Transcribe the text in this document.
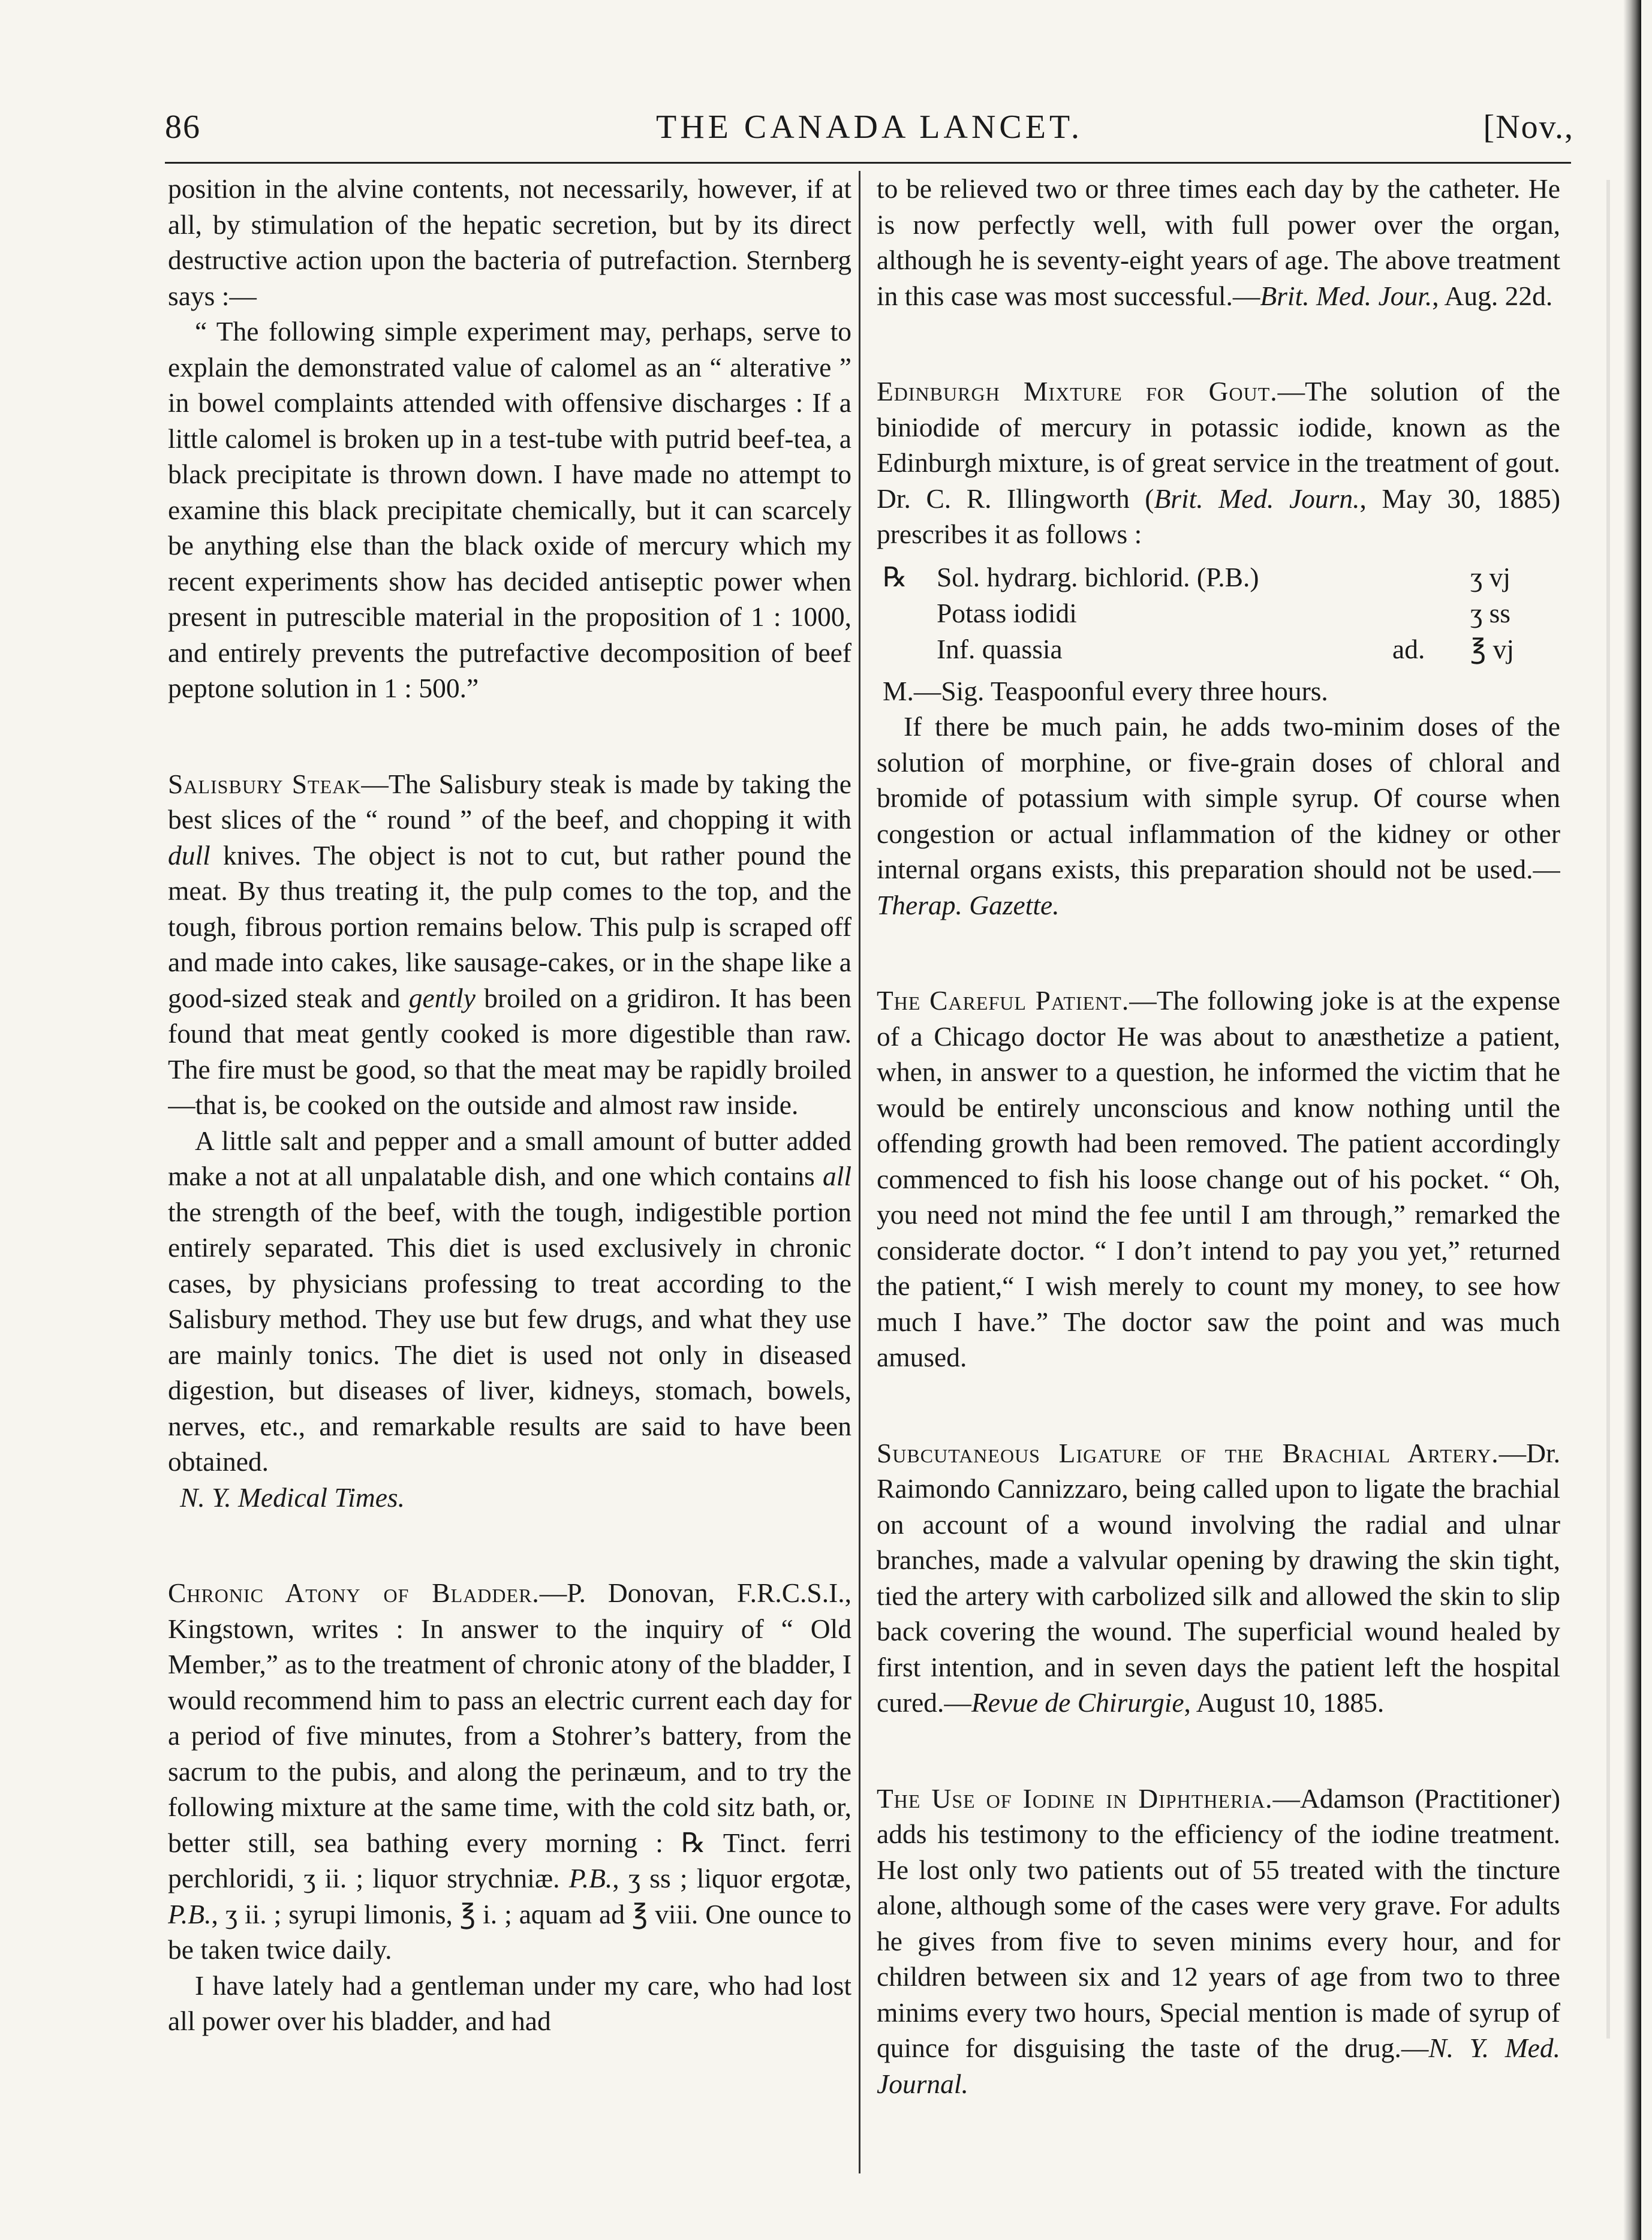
86	THE CANADA LANCET.	[Nov.,

position in the alvine contents, not necessarily, however, if at all, by stimulation of the hepatic secretion, but by its direct destructive action upon the bacteria of putrefaction. Sternberg says :—

“ The following simple experiment may, perhaps, serve to explain the demonstrated value of calomel as an “ alterative ” in bowel complaints attended with offensive discharges : If a little calomel is broken up in a test-tube with putrid beef-tea, a black precipitate is thrown down. I have made no attempt to examine this black precipitate chemically, but it can scarcely be anything else than the black oxide of mercury which my recent experiments show has decided antiseptic power when present in putrescible material in the proposition of 1 : 1000, and entirely prevents the putrefactive decomposition of beef peptone solution in 1 : 500.”

Salisbury Steak—The Salisbury steak is made by taking the best slices of the “ round ” of the beef, and chopping it with dull knives. The object is not to cut, but rather pound the meat. By thus treating it, the pulp comes to the top, and the tough, fibrous portion remains below. This pulp is scraped off and made into cakes, like sausage-cakes, or in the shape like a good-sized steak and gently broiled on a gridiron. It has been found that meat gently cooked is more digestible than raw. The fire must be good, so that the meat may be rapidly broiled—that is, be cooked on the outside and almost raw inside.

A little salt and pepper and a small amount of butter added make a not at all unpalatable dish, and one which contains all the strength of the beef, with the tough, indigestible portion entirely separated. This diet is used exclusively in chronic cases, by physicians professing to treat according to the Salisbury method. They use but few drugs, and what they use are mainly tonics. The diet is used not only in diseased digestion, but diseases of liver, kidneys, stomach, bowels, nerves, etc., and remarkable results are said to have been obtained.

N. Y. Medical Times.

Chronic Atony of Bladder.—P. Donovan, F.R.C.S.I., Kingstown, writes : In answer to the inquiry of “ Old Member,” as to the treatment of chronic atony of the bladder, I would recommend him to pass an electric current each day for a period of five minutes, from a Stohrer’s battery, from the sacrum to the pubis, and along the perinæum, and to try the following mixture at the same time, with the cold sitz bath, or, better still, sea bathing every morning : ℞ Tinct. ferri perchloridi, ʒ ii. ; liquor strychniæ. P.B., ʒ ss ; liquor ergotæ, P.B., ʒ ii. ; syrupi limonis, ℥ i. ; aquam ad ℥ viii. One ounce to be taken twice daily.

I have lately had a gentleman under my care, who had lost all power over his bladder, and had

to be relieved two or three times each day by the catheter. He is now perfectly well, with full power over the organ, although he is seventy-eight years of age. The above treatment in this case was most successful.—Brit. Med. Jour., Aug. 22d.

Edinburgh Mixture for Gout.—The solution of the biniodide of mercury in potassic iodide, known as the Edinburgh mixture, is of great service in the treatment of gout. Dr. C. R. Illingworth (Brit. Med. Journ., May 30, 1885) prescribes it as follows :

℞	Sol. hydrarg. bichlorid. (P.B.)	ʒ vj
Potass iodidi	ʒ ss
Inf. quassia	ad.	℥ vj

M.—Sig. Teaspoonful every three hours.

If there be much pain, he adds two-minim doses of the solution of morphine, or five-grain doses of chloral and bromide of potassium with simple syrup. Of course when congestion or actual inflammation of the kidney or other internal organs exists, this preparation should not be used.—Therap. Gazette.

The Careful Patient.—The following joke is at the expense of a Chicago doctor He was about to anæsthetize a patient, when, in answer to a question, he informed the victim that he would be entirely unconscious and know nothing until the offending growth had been removed. The patient accordingly commenced to fish his loose change out of his pocket. “ Oh, you need not mind the fee until I am through,” remarked the considerate doctor. “ I don’t intend to pay you yet,” returned the patient,“ I wish merely to count my money, to see how much I have.” The doctor saw the point and was much amused.

Subcutaneous Ligature of the Brachial Artery.—Dr. Raimondo Cannizzaro, being called upon to ligate the brachial on account of a wound involving the radial and ulnar branches, made a valvular opening by drawing the skin tight, tied the artery with carbolized silk and allowed the skin to slip back covering the wound. The superficial wound healed by first intention, and in seven days the patient left the hospital cured.—Revue de Chirurgie, August 10, 1885.

The Use of Iodine in Diphtheria.—Adamson (Practitioner) adds his testimony to the efficiency of the iodine treatment. He lost only two patients out of 55 treated with the tincture alone, although some of the cases were very grave. For adults he gives from five to seven minims every hour, and for children between six and 12 years of age from two to three minims every two hours, Special mention is made of syrup of quince for disguising the taste of the drug.—N. Y. Med. Journal.
